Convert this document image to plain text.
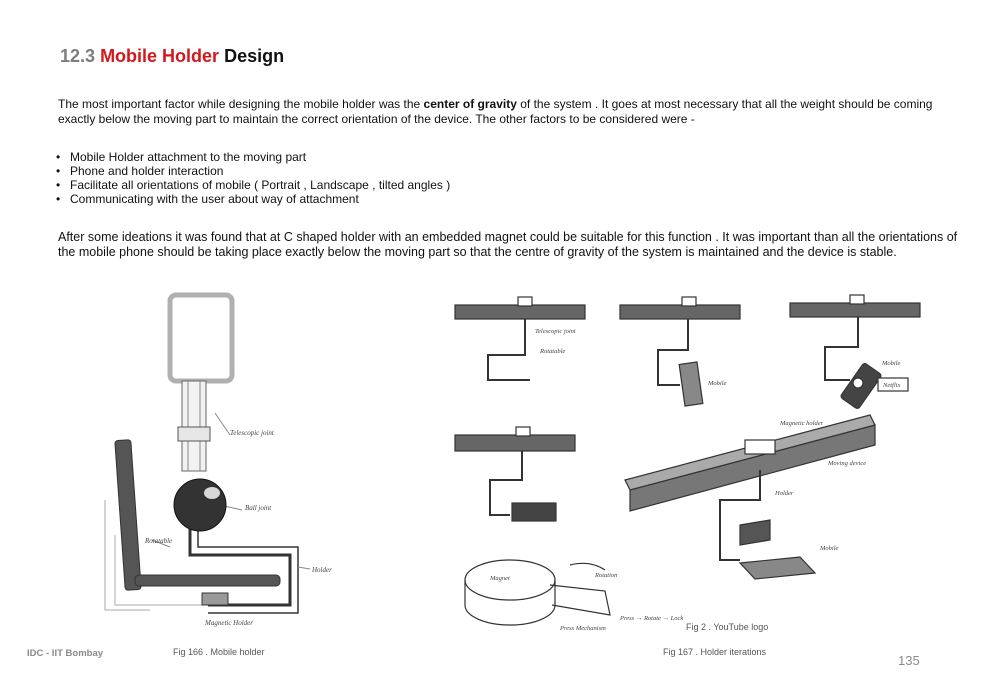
12.3 Mobile Holder Design
The most important factor while designing the mobile holder was the center of gravity of the system . It goes at most necessary that all the weight should be coming exactly below the moving part to maintain the correct orientation of the device. The other factors to be considered were -
• Mobile Holder attachment to the moving part
• Phone and holder interaction
• Facilitate all orientations of mobile ( Portrait , Landscape , tilted angles )
• Communicating with the user about way of attachment
After some ideations it was found that at C shaped holder with an embedded magnet could be suitable for this function . It was important than all the orientations of the mobile phone should be taking place exactly below the moving part so that the centre of gravity of the system is maintained and the device is stable.
Telescopic joint
Ball joint
Rotatable
Holder
Magnetic Holder
Rotatable
Telescopic joint
Mobile
Mobile
Netflix
Magnetic holder
Moving device
Holder
Mobile
Magnet	Rotation
Press Mechanism
Press → Rotate → Lock
Fig 2 . YouTube logo
Fig 166 . Mobile holder	Fig 167 . Holder iterations
IDC - IIT Bombay	135
